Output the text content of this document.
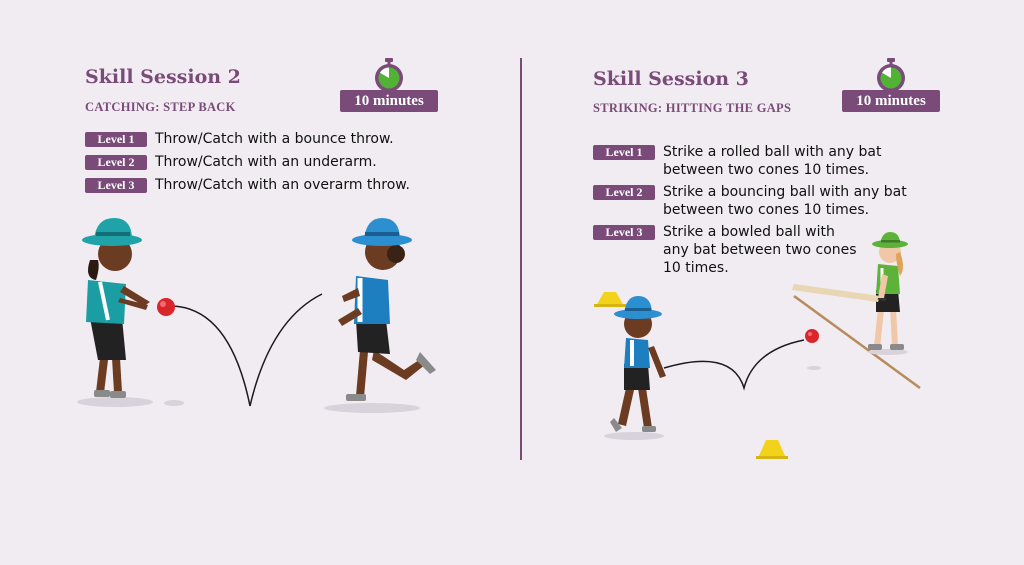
Skill Session 2
CATCHING: STEP BACK	10 minutes
Level 1	Throw/Catch with a bounce throw.
Level 2	Throw/Catch with an underarm.
Level 3	Throw/Catch with an overarm throw.
Skill Session 3
STRIKING: HITTING THE GAPS	10 minutes
Level 1	Strike a rolled ball with any bat between two cones 10 times.
Level 2	Strike a bouncing ball with any bat between two cones 10 times.
Level 3	Strike a bowled ball with any bat between two cones 10 times.
